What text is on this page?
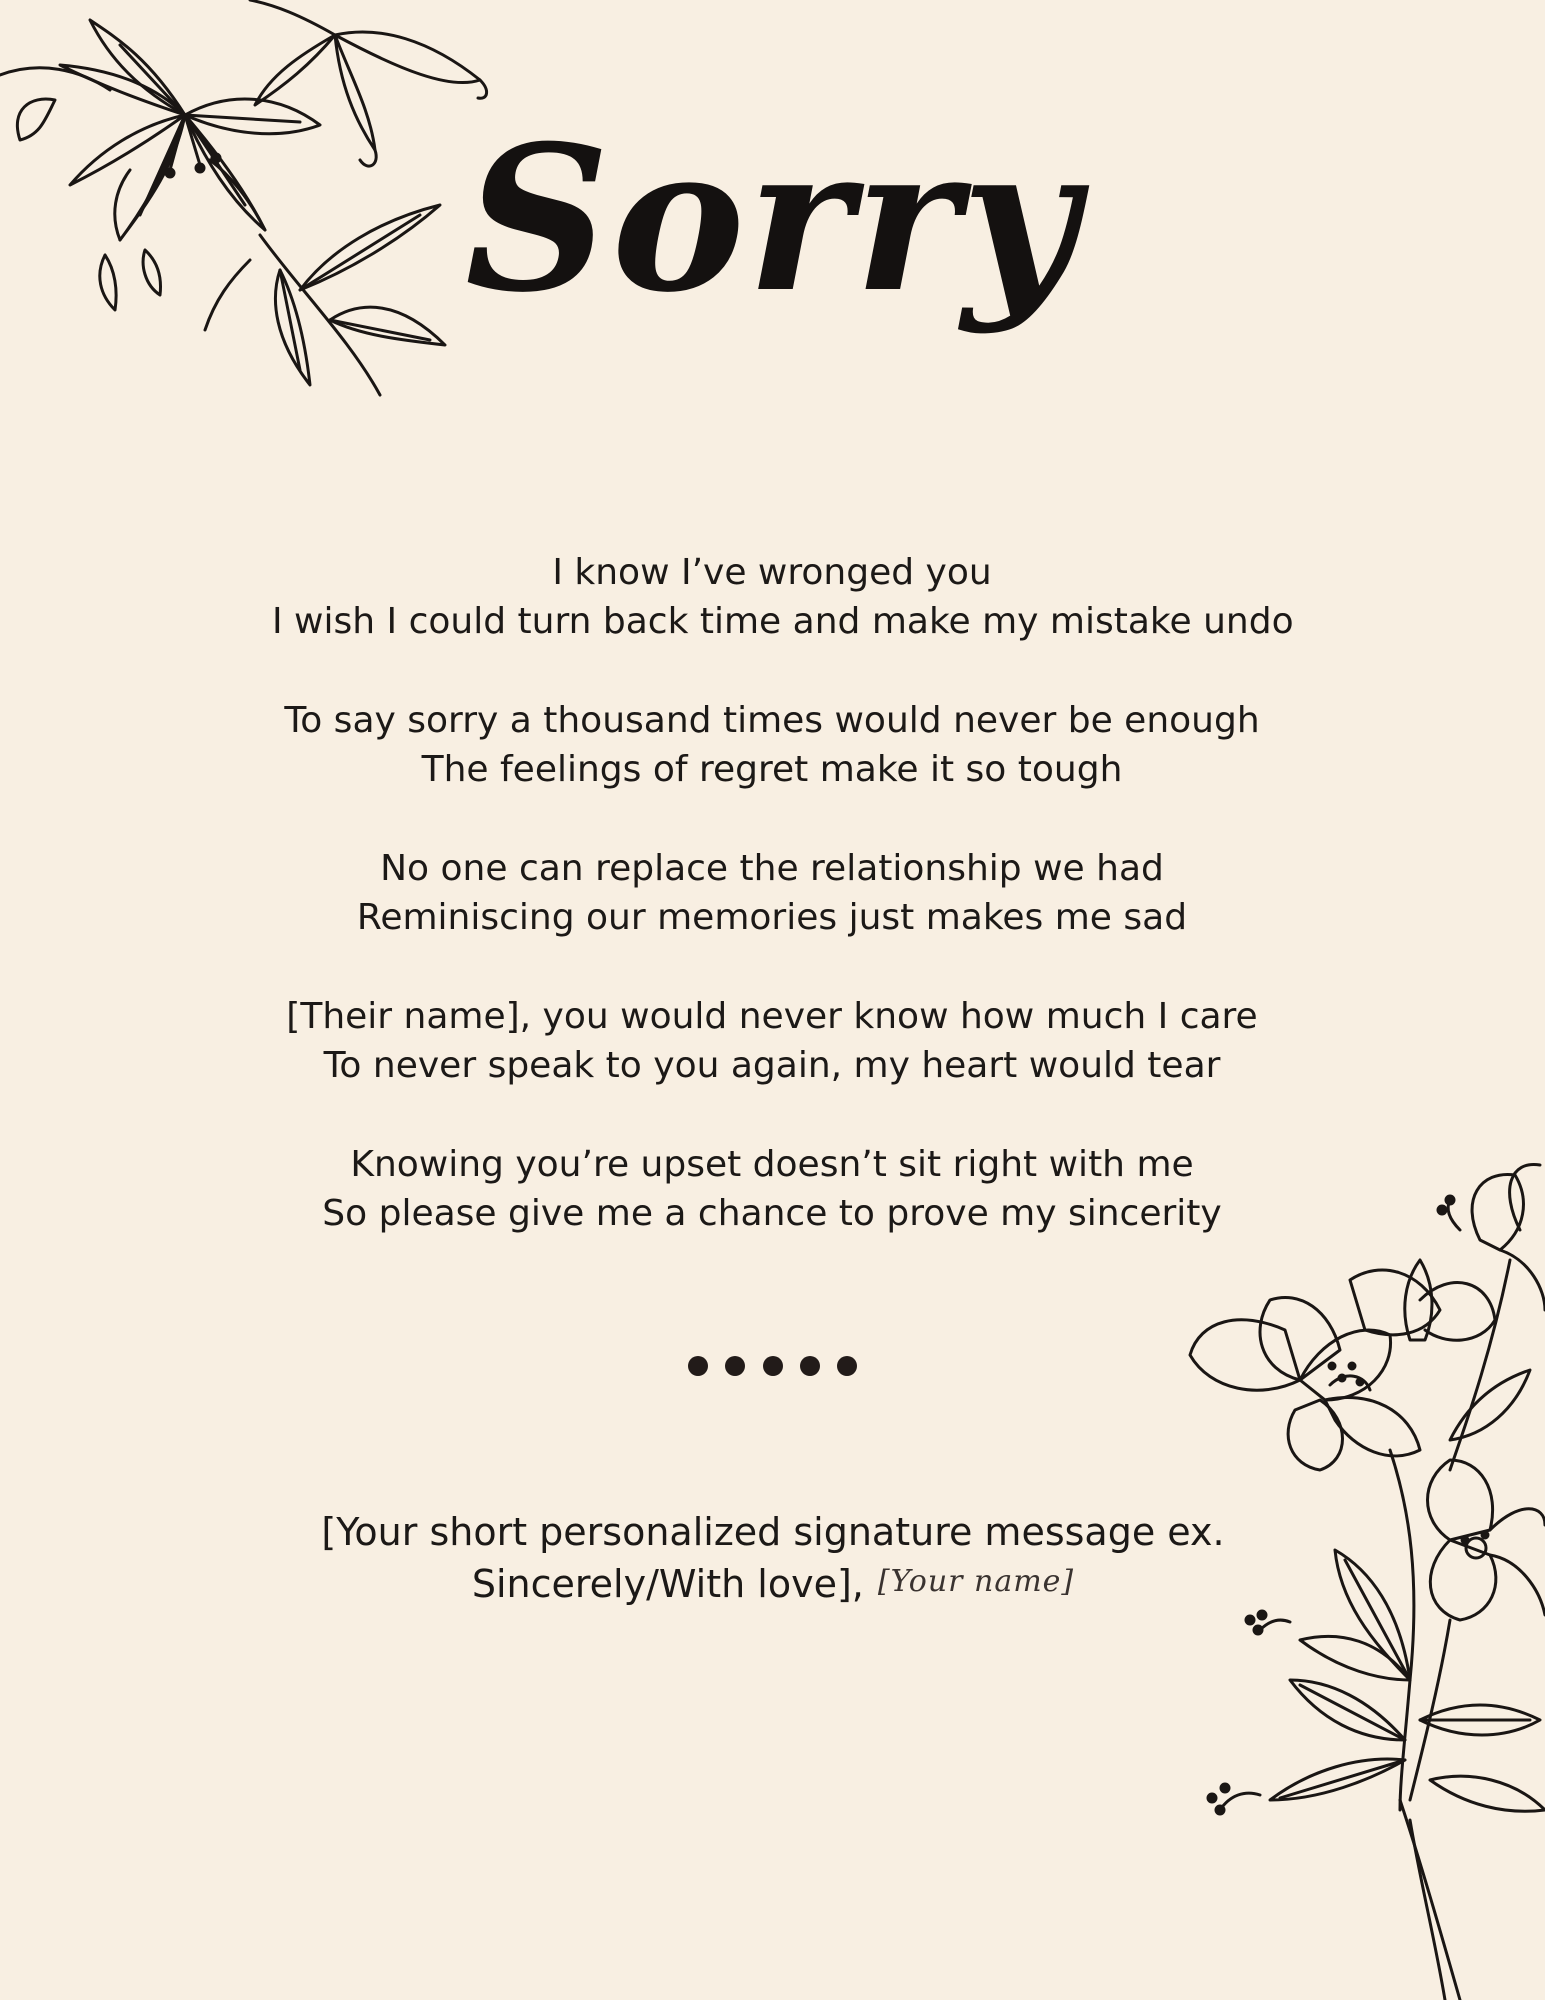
Sorry
I know I’ve wronged you
I wish I could turn back time and make my mistake undo
To say sorry a thousand times would never be enough
The feelings of regret make it so tough
No one can replace the relationship we had
Reminiscing our memories just makes me sad
[Their name], you would never know how much I care
To never speak to you again, my heart would tear
Knowing you’re upset doesn’t sit right with me
So please give me a chance to prove my sincerity

[Your short personalized signature message ex.
Sincerely/With love], [Your name]
